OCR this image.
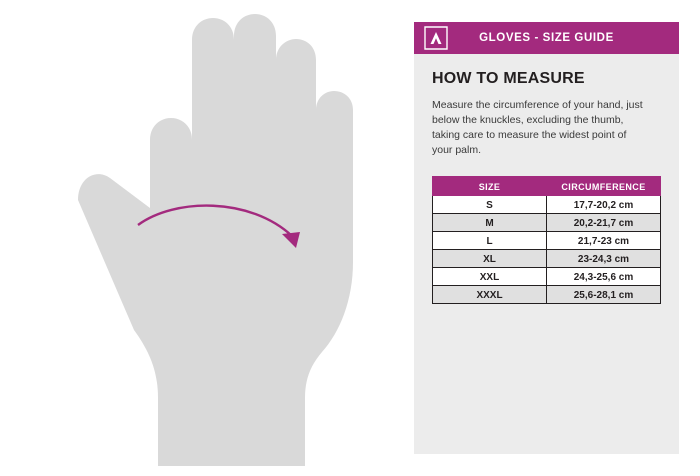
GLOVES - SIZE GUIDE
HOW TO MEASURE

Measure the circumference of your hand, just below the knuckles, excluding the thumb, taking care to measure the widest point of your palm.

SIZE	CIRCUMFERENCE
S	17,7-20,2 cm
M	20,2-21,7 cm
L	21,7-23 cm
XL	23-24,3 cm
XXL	24,3-25,6 cm
XXXL	25,6-28,1 cm
